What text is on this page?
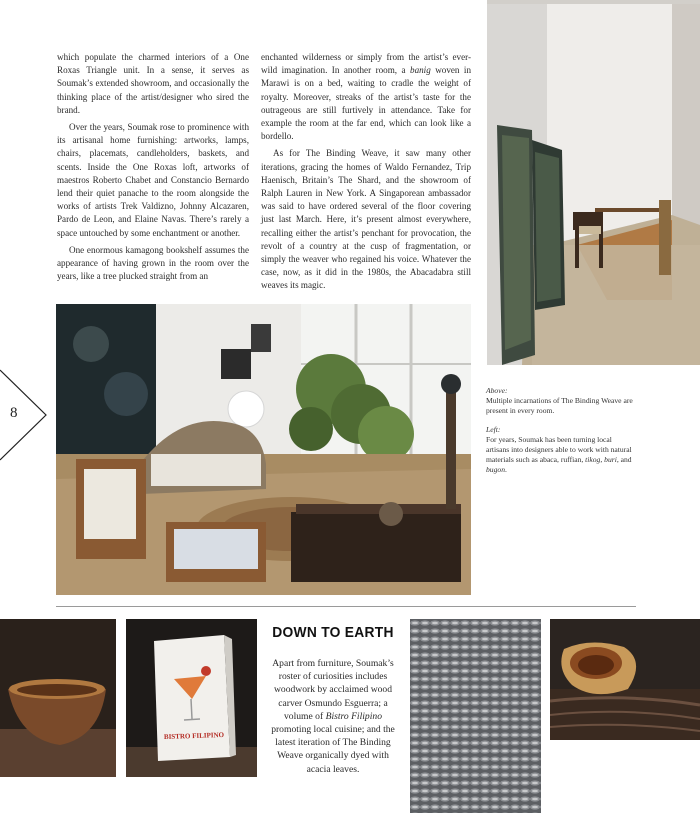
which populate the charmed interiors of a One Roxas Triangle unit. In a sense, it serves as Soumak’s extended showroom, and occasionally the thinking place of the artist/designer who sired the brand.

Over the years, Soumak rose to prominence with its artisanal home furnishing: artworks, lamps, chairs, placemats, candleholders, baskets, and scents. Inside the One Roxas loft, artworks of maestros Roberto Chabet and Constancio Bernardo lend their quiet panache to the room alongside the works of artists Trek Valdizno, Johnny Alcazaren, Pardo de Leon, and Elaine Navas. There’s rarely a space untouched by some enchantment or another.

One enormous kamagong bookshelf assumes the appearance of having grown in the room over the years, like a tree plucked straight from an

enchanted wilderness or simply from the artist’s ever-wild imagination. In another room, a banig woven in Marawi is on a bed, waiting to cradle the weight of royalty. Moreover, streaks of the artist’s taste for the outrageous are still furtively in attendance. Take for example the room at the far end, which can look like a bordello.

As for The Binding Weave, it saw many other iterations, gracing the homes of Waldo Fernandez, Trip Haenisch, Britain’s The Shard, and the showroom of Ralph Lauren in New York. A Singaporean ambassador was said to have ordered several of the floor covering just last March. Here, it’s present almost everywhere, recalling either the artist’s penchant for provocation, the revolt of a country at the cusp of fragmentation, or simply the weaver who regained his voice. Whatever the case, now, as it did in the 1980s, the Abacadabra still weaves its magic.

8

Above:
Multiple incarnations of The Binding Weave are present in every room.

Left:
For years, Soumak has been turning local artisans into designers able to work with natural materials such as abaca, ruffian, tikog, buri, and bugon.

BISTRO FILIPINO
DOWN TO EARTH
Apart from furniture, Soumak’s roster of curiosities includes woodwork by acclaimed wood carver Osmundo Esguerra; a volume of Bistro Filipino promoting local cuisine; and the latest iteration of The Binding Weave organically dyed with acacia leaves.
